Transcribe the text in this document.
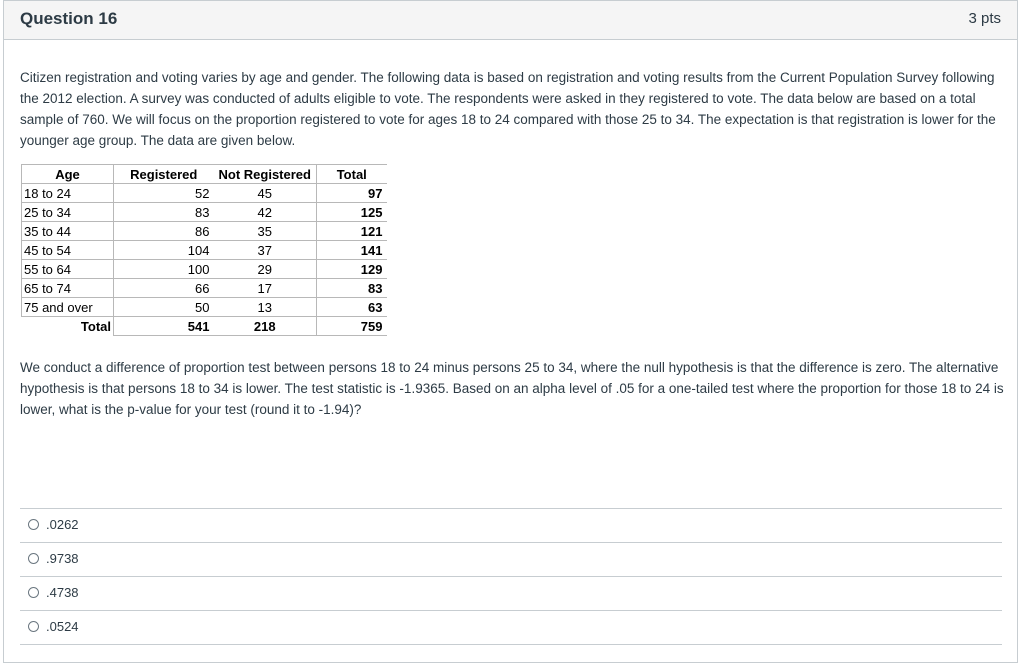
Question 16	3 pts

Citizen registration and voting varies by age and gender. The following data is based on registration and voting results from the Current Population Survey following the 2012 election. A survey was conducted of adults eligible to vote. The respondents were asked in they registered to vote. The data below are based on a total sample of 760. We will focus on the proportion registered to vote for ages 18 to 24 compared with those 25 to 34. The expectation is that registration is lower for the younger age group. The data are given below.

Age	Registered	Not Registered	Total
18 to 24	52	45	97
25 to 34	83	42	125
35 to 44	86	35	121
45 to 54	104	37	141
55 to 64	100	29	129
65 to 74	66	17	83
75 and over	50	13	63
Total	541	218	759

We conduct a difference of proportion test between persons 18 to 24 minus persons 25 to 34, where the null hypothesis is that the difference is zero. The alternative hypothesis is that persons 18 to 34 is lower. The test statistic is -1.9365. Based on an alpha level of .05 for a one-tailed test where the proportion for those 18 to 24 is lower, what is the p-value for your test (round it to -1.94)?

.0262
.9738
.4738
.0524
